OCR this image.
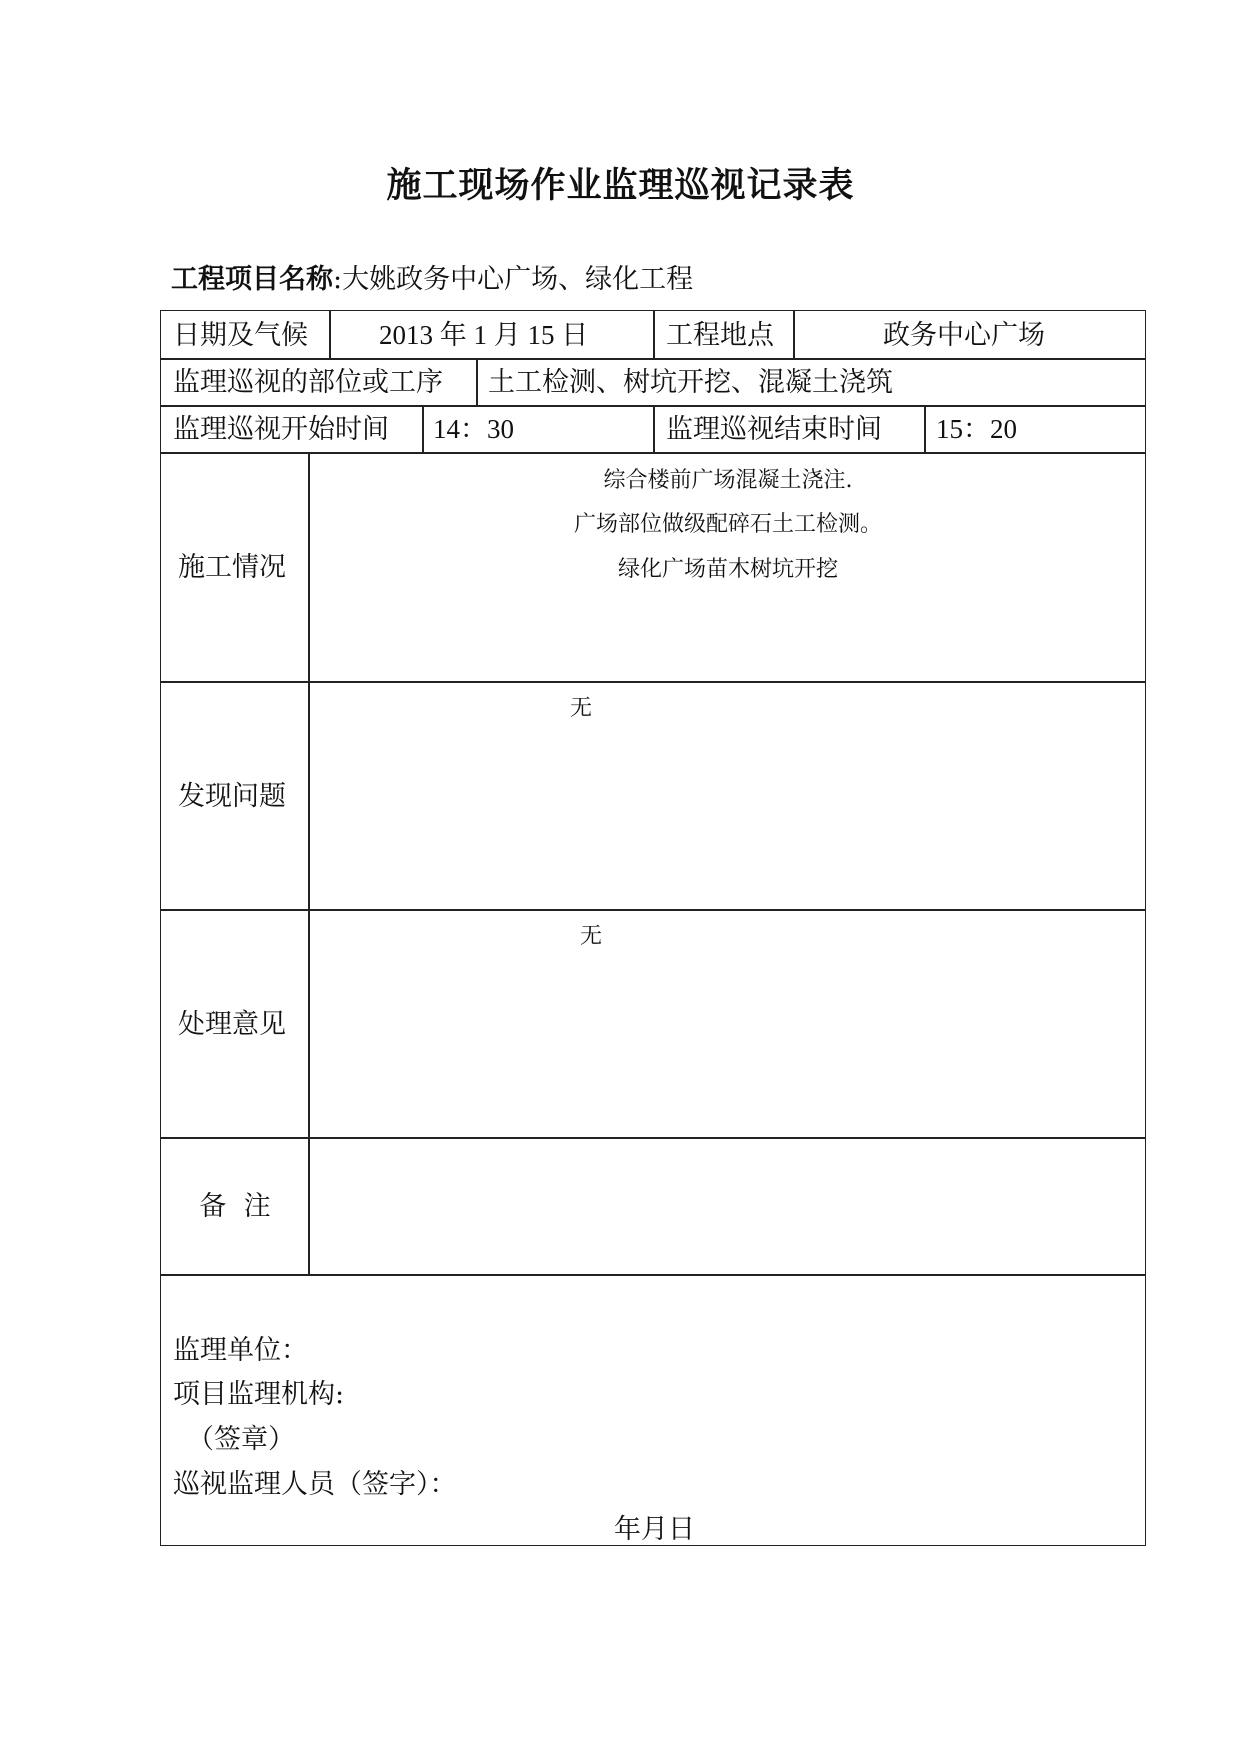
施工现场作业监理巡视记录表
工程项目名称:大姚政务中心广场、绿化工程
日期及气候	2013 年 1 月 15 日	工程地点	政务中心广场
监理巡视的部位或工序 土工检测、树坑开挖、混凝土浇筑
监理巡视开始时间 14：30	监理巡视结束时间 15：20
施工情况
综合楼前广场混凝土浇注.
广场部位做级配碎石土工检测。
绿化广场苗木树坑开挖
发现问题
无
处理意见
无
备  注
监理单位：
项目监理机构:
（签章）
巡视监理人员（签字）：
年月日
